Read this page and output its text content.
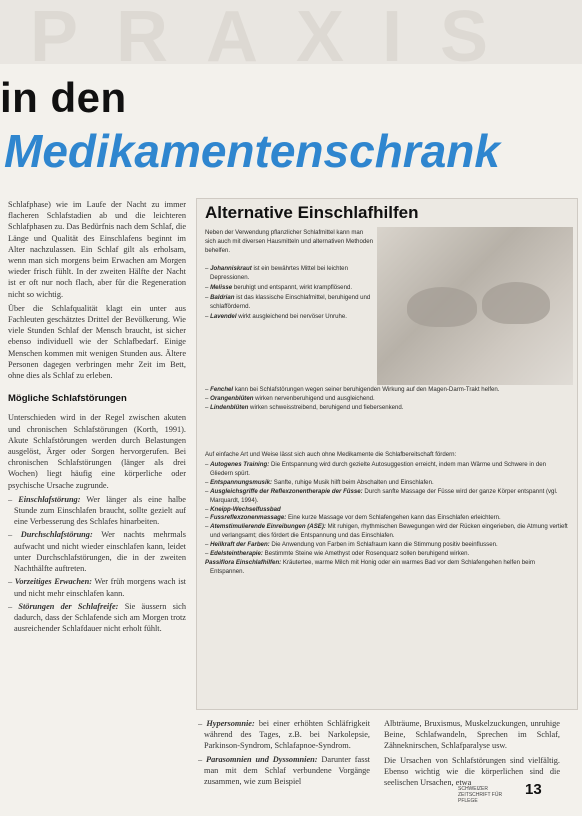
PRAXIS
in den
Medikamentenschrank

Schlafphase) wie im Laufe der Nacht zu immer flacheren Schlafstadien ab und die leichteren Schlafphasen zu. Das Bedürfnis nach dem Schlaf, die Länge und Qualität des Einschlafens beginnt im Alter nachzulassen. Ein Schlaf gilt als erholsam, wenn man sich morgens beim Erwachen am Morgen wieder frisch fühlt. In der zweiten Hälfte der Nacht ist er oft nur noch flach, aber für die Regeneration nicht so wichtig.

Über die Schlafqualität klagt ein unter aus Fachleuten geschätztes Drittel der Bevölkerung. Wie viele Stunden Schlaf der Mensch braucht, ist sicher ebenso individuell wie der Schlafbedarf. Einige Menschen kommen mit wenigen Stunden aus. Ältere Personen dagegen verbringen mehr Zeit im Bett, ohne dies als Schlaf zu erleben.

Mögliche Schlafstörungen

Unterschieden wird in der Regel zwischen akuten und chronischen Schlafstörungen (Korth, 1991). Akute Schlafstörungen werden durch Belastungen ausgelöst, Ärger oder Sorgen hervorgerufen. Bei chronischen Schlafstörungen (länger als drei Wochen) liegt häufig eine körperliche oder psychische Ursache zugrunde.

– Einschlafstörung: Wer länger als eine halbe Stunde zum Einschlafen braucht, sollte gezielt auf eine Verbesserung des Schlafes hinarbeiten.
– Durchschlafstörung: Wer nachts mehrmals aufwacht und nicht wieder einschlafen kann, leidet unter Durchschlafstörungen, die in der zweiten Nachthälfte auftreten.
– Vorzeitiges Erwachen: Wer früh morgens wach ist und nicht mehr einschlafen kann.
– Störungen der Schlafreife: Sie äussern sich dadurch, dass der Schlafende sich am Morgen trotz ausreichender Schlafdauer nicht erholt fühlt.
Alternative Einschlafhilfen
Neben der Verwendung pflanzlicher Schlafmittel kann man sich auch mit diversen Hausmitteln und alternativen Methoden behelfen.
– Johanniskraut ist ein bewährtes Mittel bei leichten Depressionen.
– Melisse beruhigt und entspannt, wirkt krampflösend.
– Baldrian ist das klassische Einschlafmittel, beruhigend und schlaffördernd.
– Lavendel wirkt ausgleichend bei nervöser Unruhe.
– Fenchel kann bei Schlafstörungen wegen seiner beruhigenden Wirkung auf den Magen-Darm-Trakt helfen.
– Orangenblüten wirken nervenberuhigend und ausgleichend.
– Lindenblüten wirken schweisstreibend, beruhigend und fiebersenkend.
Auf einfache Art und Weise lässt sich auch ohne Medikamente die Schlafbereitschaft fördern:
– Autogenes Training: Die Entspannung wird durch gezielte Autosuggestion erreicht, indem man Wärme und Schwere in den Gliedern spürt.
– Entspannungsmusik: Sanfte, ruhige Musik hilft beim Abschalten und Einschlafen.
– Ausgleichsgriffe der Reflexzonentherapie der Füsse: Durch sanfte Massage der Füsse wird der ganze Körper entspannt (vgl. Marquardt, 1994).
– Kneipp-Wechselfussbad
– Fussreflexzonenmassage: Eine kurze Massage vor dem Schlafengehen kann das Einschlafen erleichtern.
– Atemstimulierende Einreibungen (ASE): Mit ruhigen, rhythmischen Bewegungen wird der Rücken eingerieben, die Atmung vertieft und verlangsamt; dies fördert die Entspannung und das Einschlafen.
– Heilkraft der Farben: Die Anwendung von Farben im Schlafraum kann die Stimmung positiv beeinflussen.
– Edelsteintherapie: Bestimmte Steine wie Amethyst oder Rosenquarz sollen beruhigend wirken.
Passiflora Einschlafhilfen: Kräutertee, warme Milch mit Honig oder ein warmes Bad vor dem Schlafengehen helfen beim Entspannen.
– Hypersomnie: bei einer erhöhten Schläfrigkeit während des Tages, z.B. bei Narkolepsie, Parkinson-Syndrom, Schlafapnoe-Syndrom.
– Parasomnien und Dyssomnien: Darunter fasst man mit dem Schlaf verbundene Vorgänge zusammen, wie zum Beispiel

Albträume, Bruxismus, Muskelzuckungen, unruhige Beine, Schlafwandeln, Sprechen im Schlaf, Zähneknirschen, Schlafparalyse usw.

Die Ursachen von Schlafstörungen sind vielfältig. Ebenso wichtig wie die körperlichen sind die seelischen Ursachen, etwa

SCHWEIZER ZEITSCHRIFT FÜR PFLEGE
13
